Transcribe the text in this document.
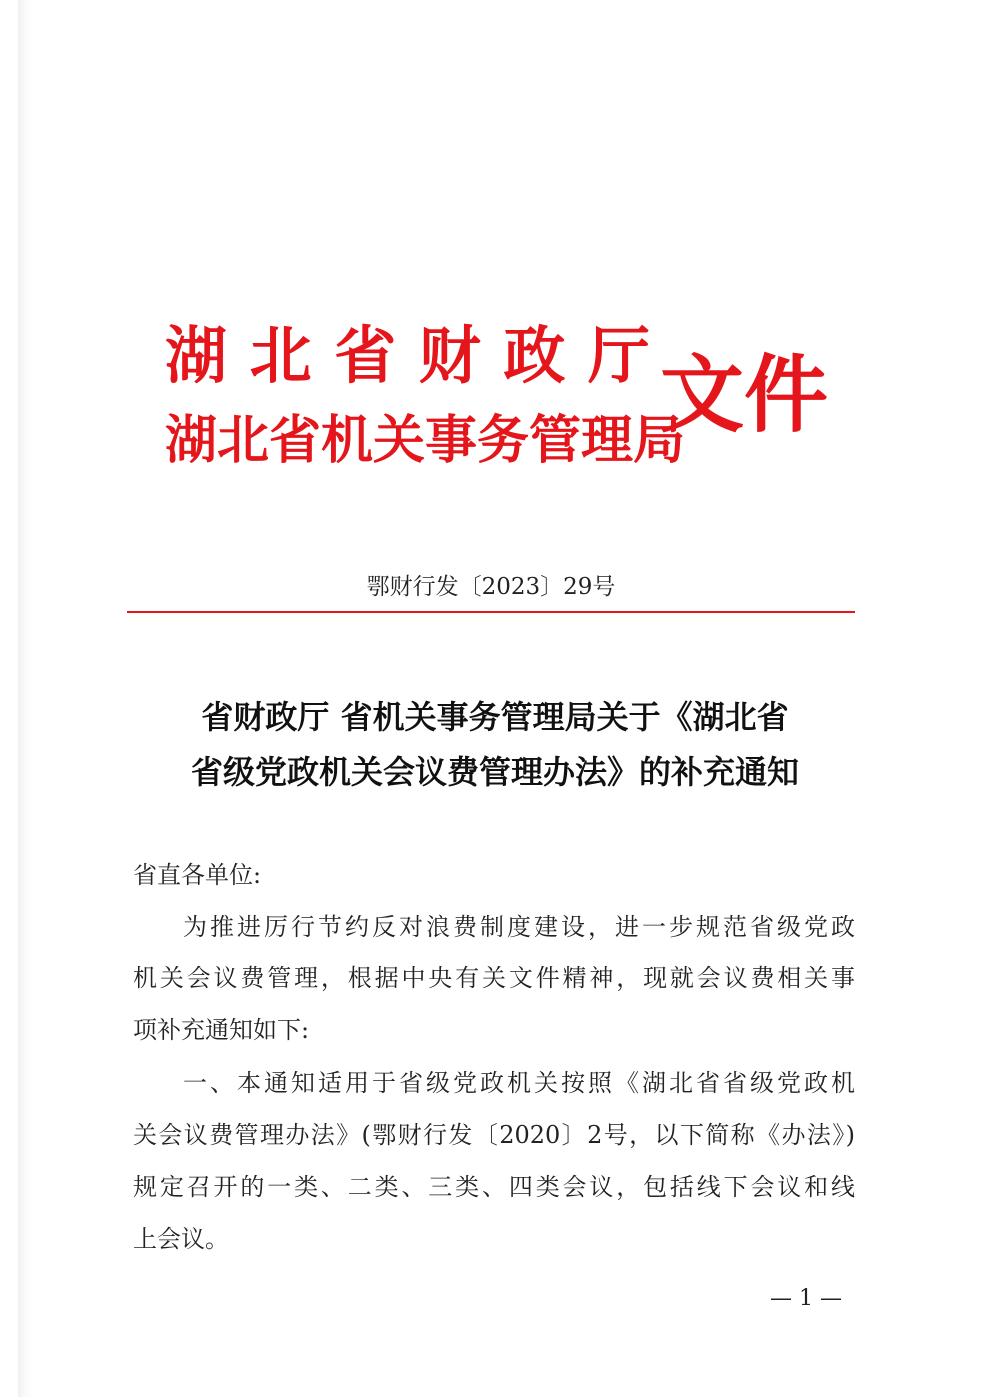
湖北省财政厅
湖北省机关事务管理局
文件
鄂财行发〔2023〕29号
省财政厅 省机关事务管理局关于《湖北省
省级党政机关会议费管理办法》的补充通知
省直各单位:
为推进厉行节约反对浪费制度建设，进一步规范省级党政
机关会议费管理，根据中央有关文件精神，现就会议费相关事
项补充通知如下:
一、本通知适用于省级党政机关按照《湖北省省级党政机
关会议费管理办法》(鄂财行发〔2020〕2号，以下简称《办法》)
规定召开的一类、二类、三类、四类会议，包括线下会议和线
上会议。
— 1 —
